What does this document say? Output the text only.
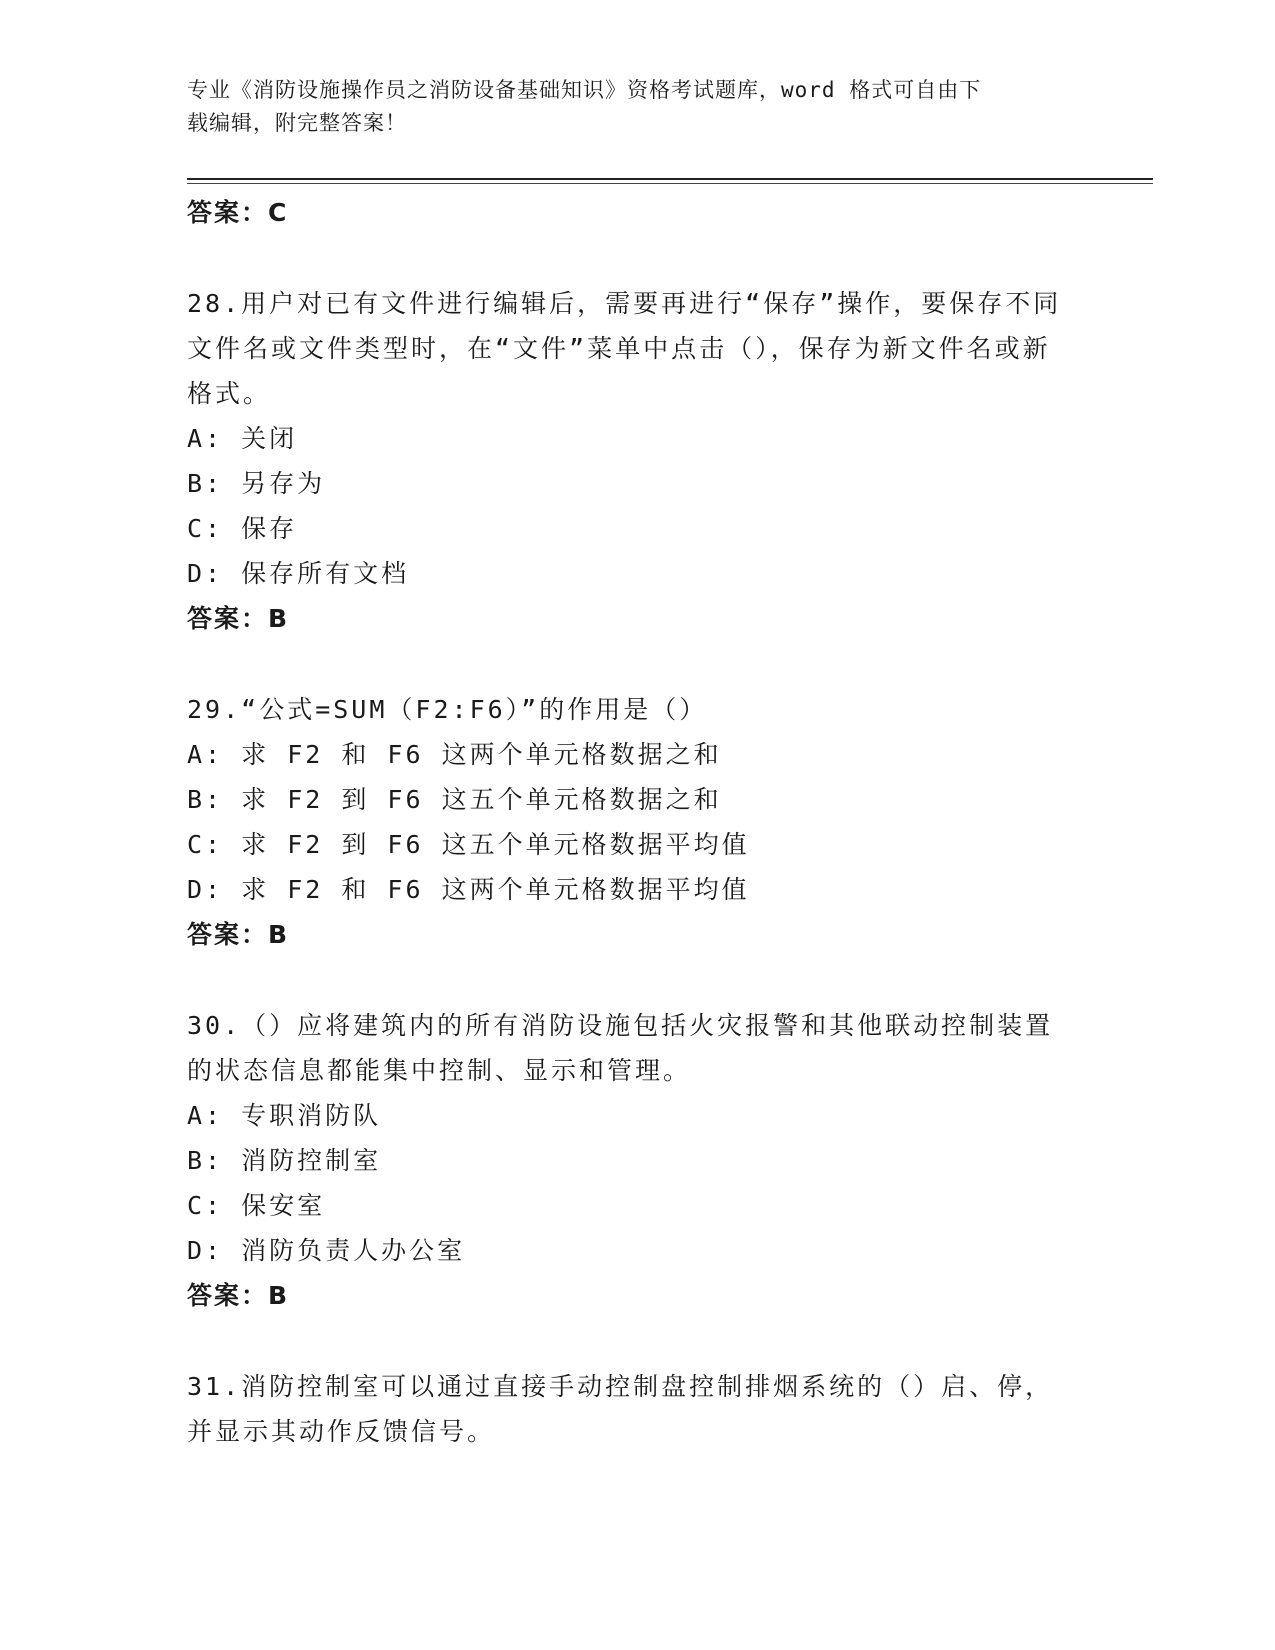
专业《消防设施操作员之消防设备基础知识》资格考试题库，word 格式可自由下
载编辑，附完整答案！
答案：C
28.用户对已有文件进行编辑后，需要再进行“保存”操作，要保存不同文件名或文件类型时，在“文件”菜单中点击（），保存为新文件名或新格式。
A: 关闭
B: 另存为
C: 保存
D: 保存所有文档
答案：B
29.“公式=SUM（F2:F6）”的作用是（）
A: 求 F2 和 F6 这两个单元格数据之和
B: 求 F2 到 F6 这五个单元格数据之和
C: 求 F2 到 F6 这五个单元格数据平均值
D: 求 F2 和 F6 这两个单元格数据平均值
答案：B
30.（）应将建筑内的所有消防设施包括火灾报警和其他联动控制装置的状态信息都能集中控制、显示和管理。
A: 专职消防队
B: 消防控制室
C: 保安室
D: 消防负责人办公室
答案：B
31.消防控制室可以通过直接手动控制盘控制排烟系统的（）启、停，并显示其动作反馈信号。
